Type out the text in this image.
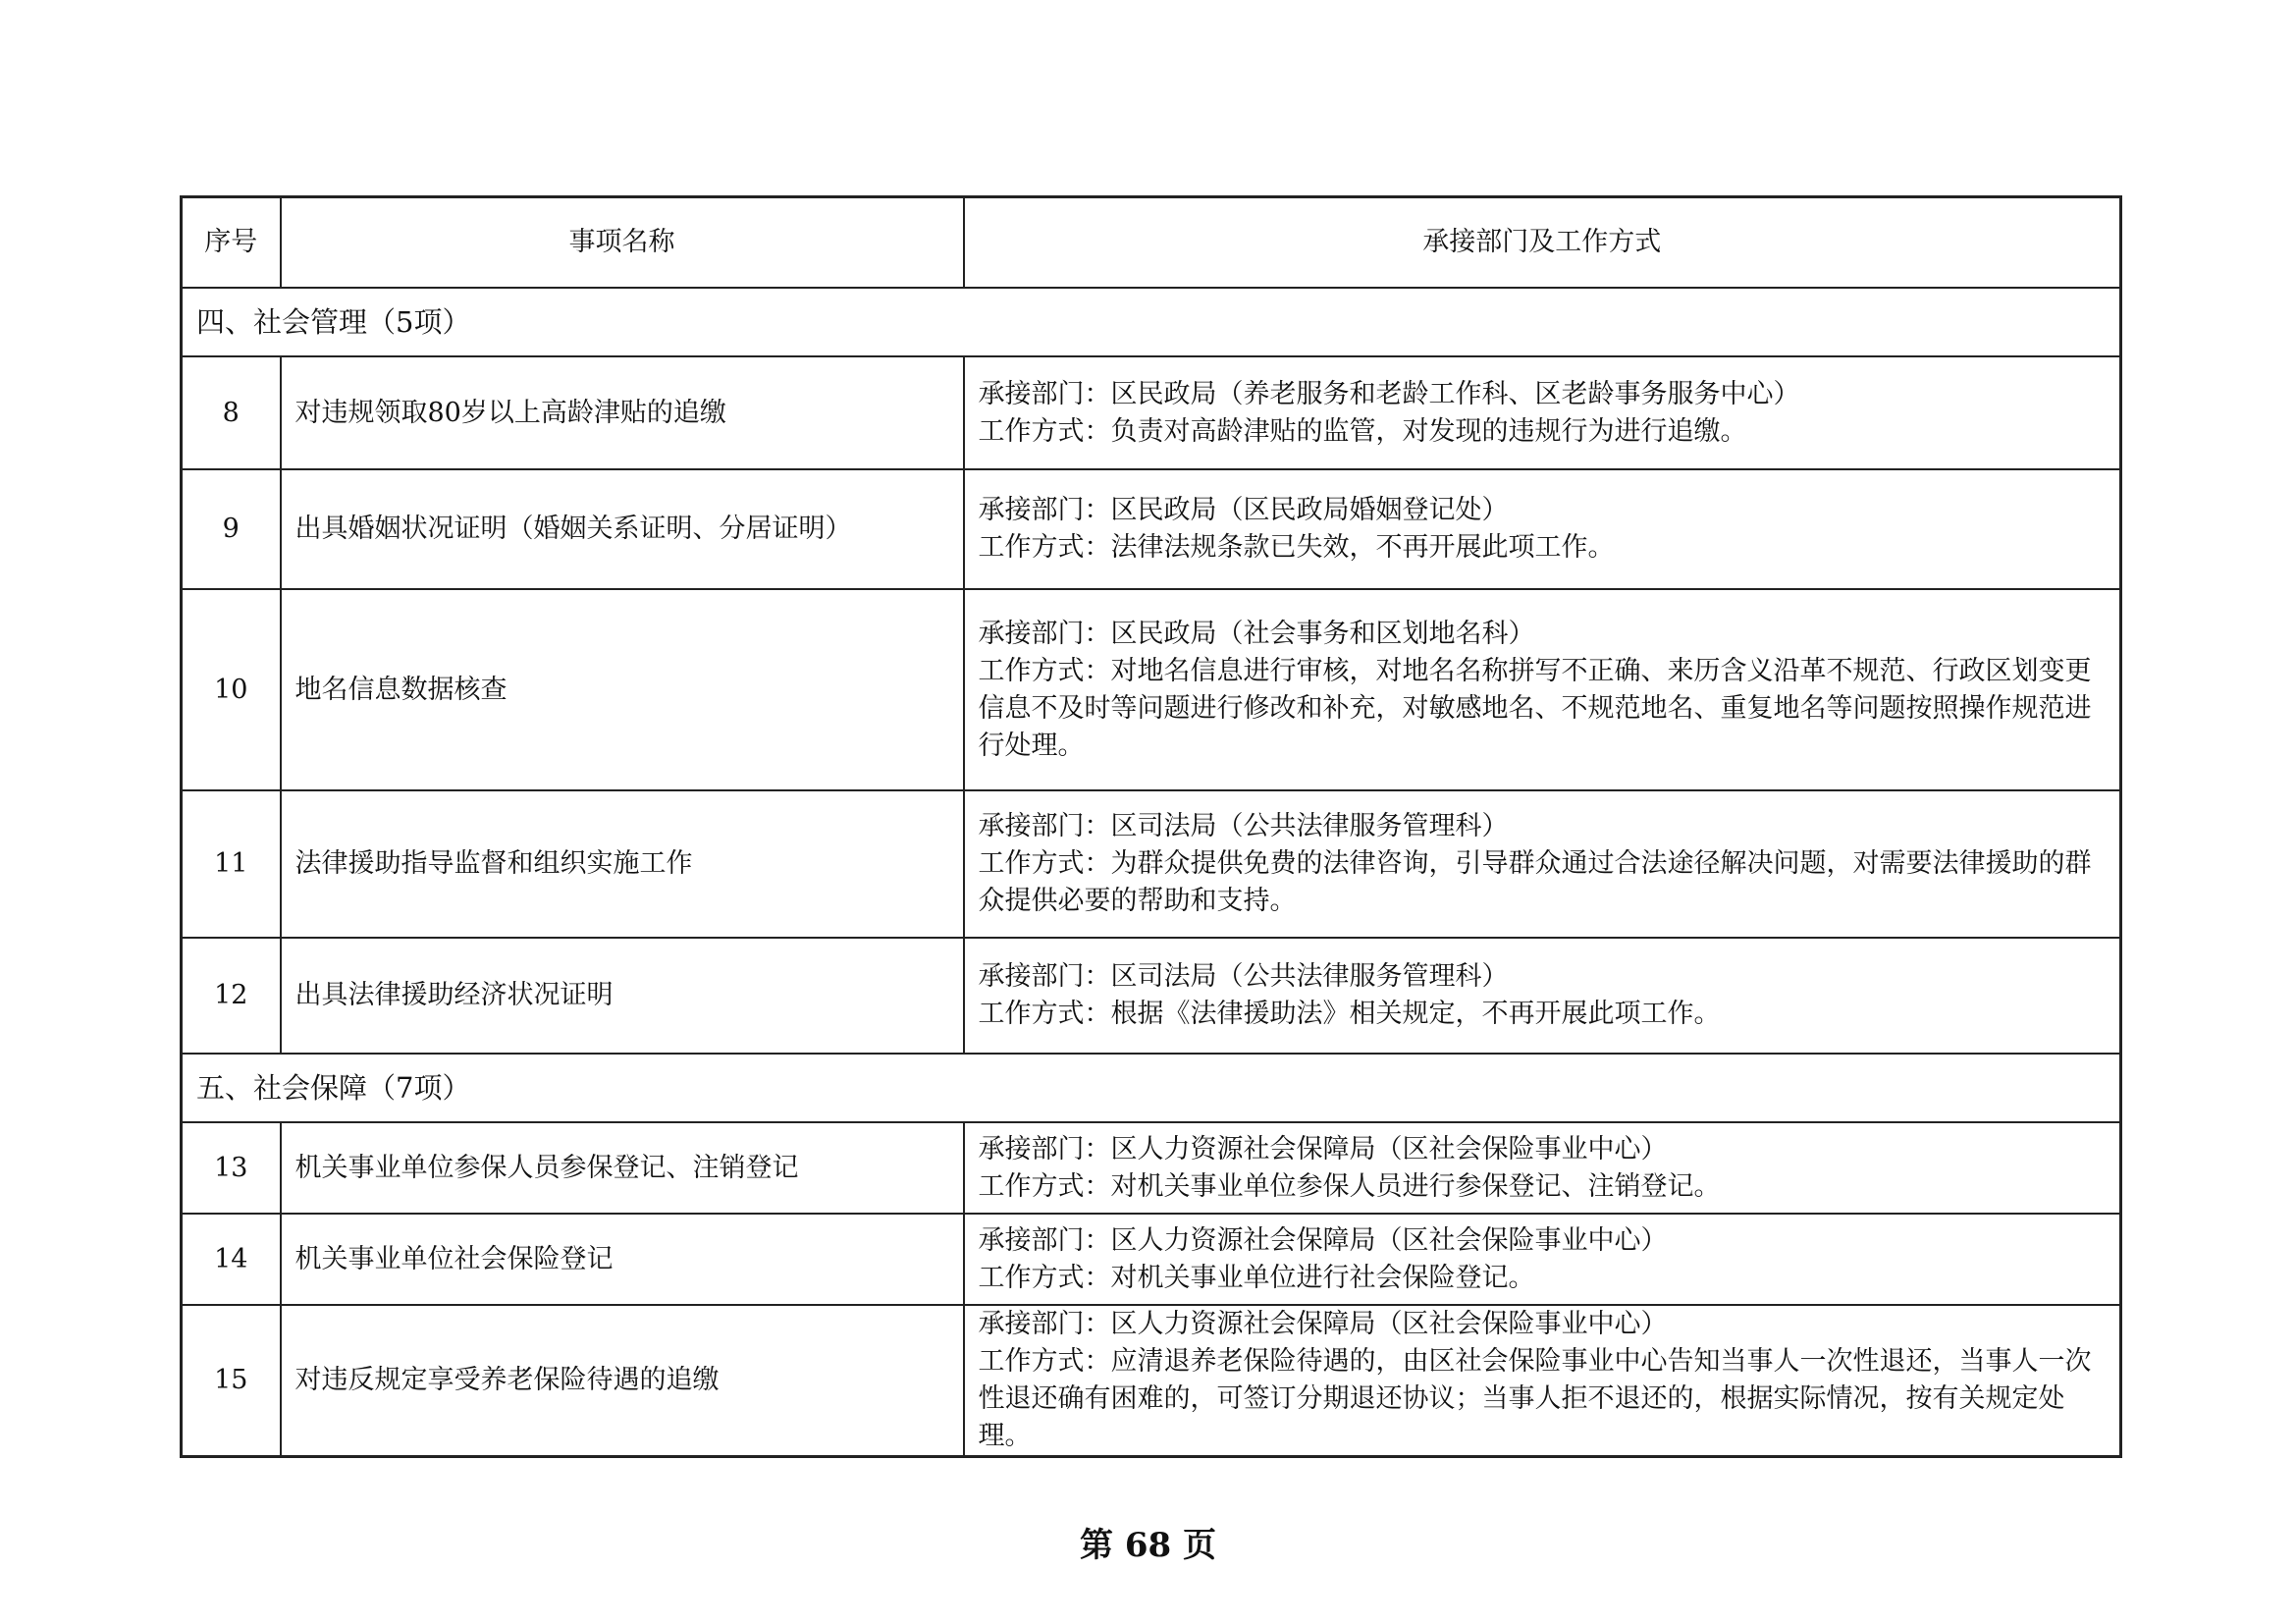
序号	事项名称	承接部门及工作方式
四、社会管理（5项）		
8	对违规领取80岁以上高龄津贴的追缴	承接部门：区民政局（养老服务和老龄工作科、区老龄事务服务中心）
工作方式：负责对高龄津贴的监管，对发现的违规行为进行追缴。

9	出具婚姻状况证明（婚姻关系证明、分居证明）	承接部门：区民政局（区民政局婚姻登记处）
工作方式：法律法规条款已失效，不再开展此项工作。

10	地名信息数据核查	承接部门：区民政局（社会事务和区划地名科）
工作方式：对地名信息进行审核，对地名名称拼写不正确、来历含义沿革不规范、行政区划变更信息不及时等问题进行修改和补充，对敏感地名、不规范地名、重复地名等问题按照操作规范进行处理。

11	法律援助指导监督和组织实施工作	承接部门：区司法局（公共法律服务管理科）
工作方式：为群众提供免费的法律咨询，引导群众通过合法途径解决问题，对需要法律援助的群众提供必要的帮助和支持。

12	出具法律援助经济状况证明	承接部门：区司法局（公共法律服务管理科）
工作方式：根据《法律援助法》相关规定，不再开展此项工作。

五、社会保障（7项）		
13	机关事业单位参保人员参保登记、注销登记	承接部门：区人力资源社会保障局（区社会保险事业中心）
工作方式：对机关事业单位参保人员进行参保登记、注销登记。

14	机关事业单位社会保险登记	承接部门：区人力资源社会保障局（区社会保险事业中心）
工作方式：对机关事业单位进行社会保险登记。

15	对违反规定享受养老保险待遇的追缴	承接部门：区人力资源社会保障局（区社会保险事业中心）
工作方式：应清退养老保险待遇的，由区社会保险事业中心告知当事人一次性退还，当事人一次性退还确有困难的，可签订分期退还协议；当事人拒不退还的，根据实际情况，按有关规定处理。
第 68 页
